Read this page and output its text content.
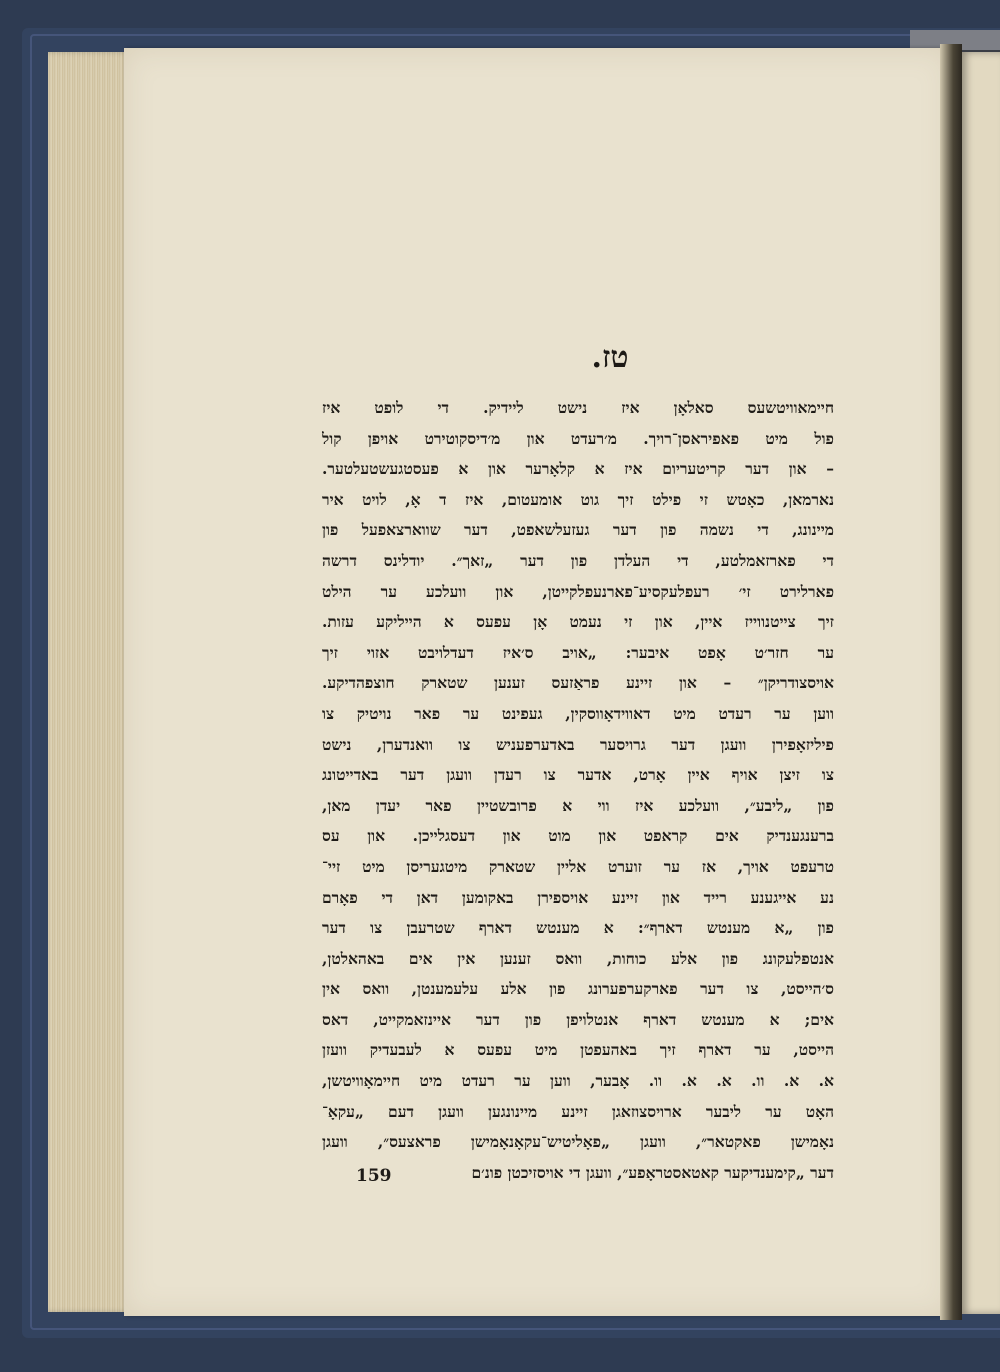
טז.
חיימאוויטשעס סאלאָן איז נישט ליידיק. די לופט איז
פול מיט פאפיראסן־רויך. מ׳רעדט און מ׳דיסקוטירט אויפן קול
– און דער קריטעריום איז א קלאָרער און א פעסטגעשטעלטער.
נארמאן, כאָטש זי פילט זיך גוט אומעטום, איז ד אָ, לויט איר
מיינונג, די נשמה פון דער געזעלשאפט, דער שווארצאפעל פון
די פארזאמלטע, די העלדן פון דער „זאך״. יודלינס דרשה
פארלירט זי׳ רעפלעקסיע־פארנעפלקייטן, און וועלכע ער הילט
זיך צייטנווייז איין, און זי נעמט אָן עפעס א הייליקע עזות.
ער חזר׳ט אָפט איבער: „אויב ס׳איז דעדלויבט אזוי זיך
אויסצודריקן״ – און זיינע פראַזעס זענען שטארק חוצפהדיקע.
ווען ער רעדט מיט דאווידאָווסקין, געפינט ער פאר נויטיק צו
פיליזאָפירן וועגן דער גרויסער באדערפעניש צו וואנדערן, נישט
צו זיצן אויף איין אָרט, אדער צו רעדן וועגן דער באדייטונג
פון „ליבע״, וועלכע איז ווי א פרובשטיין פאר יעדן מאן,
ברענגענדיק אים קראפט און מוט און דעסגלייכן. און עס
טרעפט אויך, אז ער זוערט אליין שטארק מיטגעריסן מיט זיי־
נע אייגענע רייד און זיינע אויספירן באקומען דאן די פאָרם
פון „א מענטש דארף״: א מענטש דארף שטרעבן צו דער
אנטפלעקונג פון אלע כוחות, וואס זענען אין אים באהאלטן,
ס׳הייסט, צו דער פארקערפערונג פון אלע עלעמענטן, וואס אין
אים; א מענטש דארף אנטלויפן פון דער איינזאמקייט, דאס
הייסט, ער דארף זיך באהעפטן מיט עפעס א לעבעדיק וועזן
א. א. וו. א. א. וו. אָבער, ווען ער רעדט מיט חיימאָוויטשן,
האָט ער ליבער ארויסצוזאגן זיינע מיינונגען וועגן דעם „עקאָ־
נאָמישן פאקטאר״, וועגן „פאָליטיש־עקאָנאָמישן פראצעס״, וועגן
דער „קימענדיקער קאטאסטראָפע״, וועגן די אויסזיכטן פונ׳ם
159
